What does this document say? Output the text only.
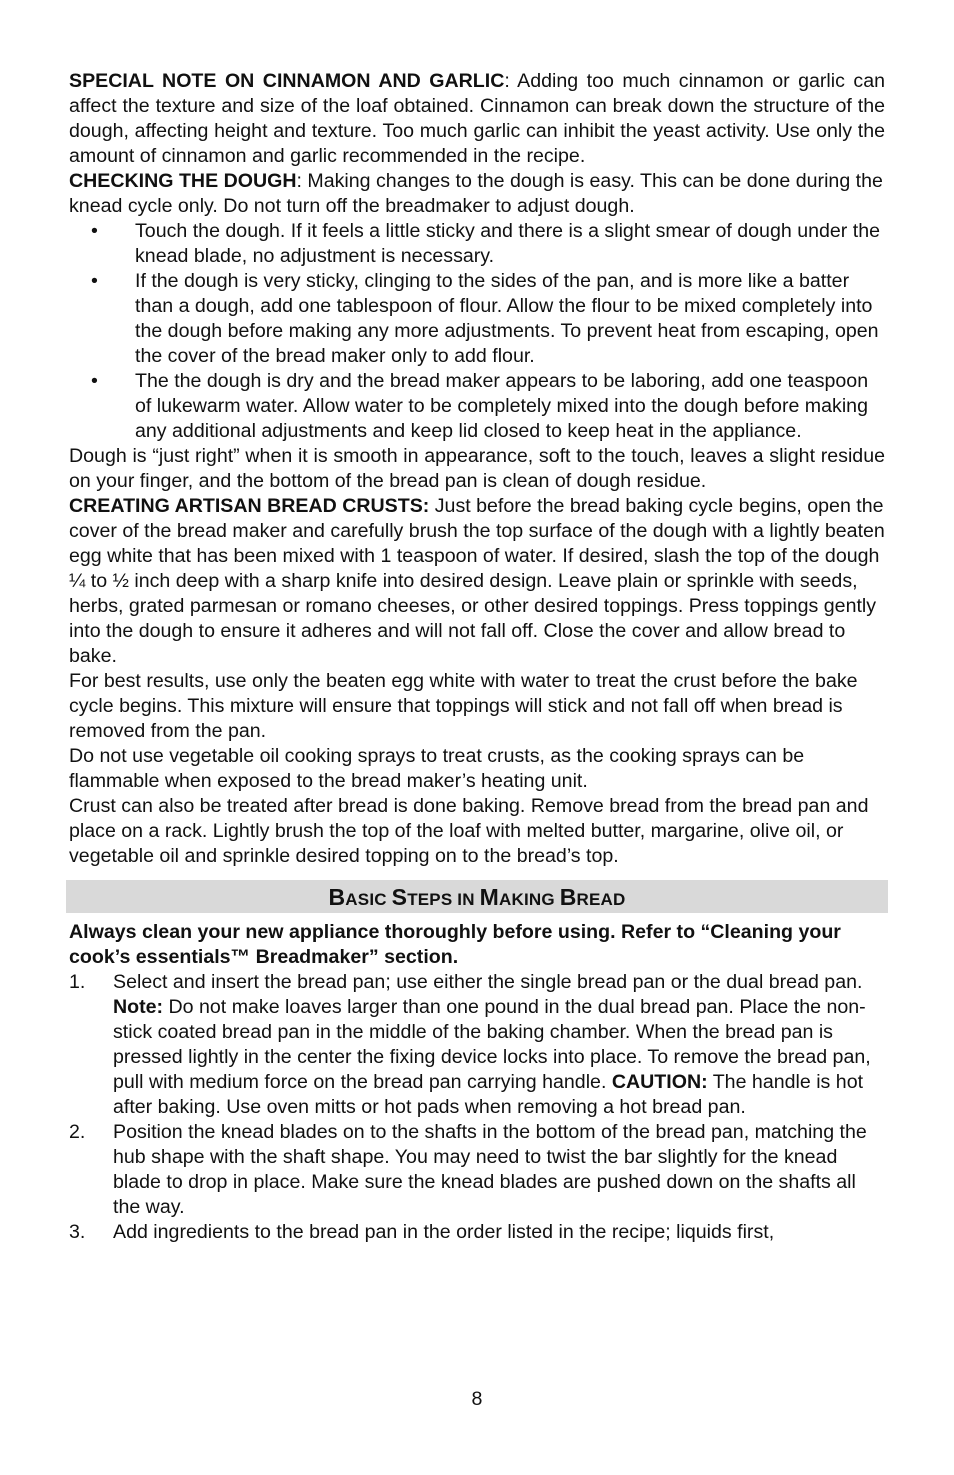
SPECIAL NOTE ON CINNAMON AND GARLIC: Adding too much cinnamon or garlic can affect the texture and size of the loaf obtained. Cinnamon can break down the structure of the dough, affecting height and texture. Too much garlic can inhibit the yeast activity. Use only the amount of cinnamon and garlic recommended in the recipe.

CHECKING THE DOUGH: Making changes to the dough is easy. This can be done during the knead cycle only. Do not turn off the breadmaker to adjust dough.

• Touch the dough. If it feels a little sticky and there is a slight smear of dough under the knead blade, no adjustment is necessary.
• If the dough is very sticky, clinging to the sides of the pan, and is more like a batter than a dough, add one tablespoon of flour. Allow the flour to be mixed completely into the dough before making any more adjustments. To prevent heat from escaping, open the cover of the bread maker only to add flour.
• The the dough is dry and the bread maker appears to be laboring, add one teaspoon of lukewarm water. Allow water to be completely mixed into the dough before making any additional adjustments and keep lid closed to keep heat in the appliance.

Dough is “just right” when it is smooth in appearance, soft to the touch, leaves a slight residue on your finger, and the bottom of the bread pan is clean of dough residue.

CREATING ARTISAN BREAD CRUSTS: Just before the bread baking cycle begins, open the cover of the bread maker and carefully brush the top surface of the dough with a lightly beaten egg white that has been mixed with 1 teaspoon of water. If desired, slash the top of the dough ¼ to ½ inch deep with a sharp knife into desired design. Leave plain or sprinkle with seeds, herbs, grated parmesan or romano cheeses, or other desired toppings. Press toppings gently into the dough to ensure it adheres and will not fall off. Close the cover and allow bread to bake.

For best results, use only the beaten egg white with water to treat the crust before the bake cycle begins. This mixture will ensure that toppings will stick and not fall off when bread is removed from the pan.

Do not use vegetable oil cooking sprays to treat crusts, as the cooking sprays can be flammable when exposed to the bread maker’s heating unit.

Crust can also be treated after bread is done baking. Remove bread from the bread pan and place on a rack. Lightly brush the top of the loaf with melted butter, margarine, olive oil, or vegetable oil and sprinkle desired topping on to the bread’s top.

BASIC STEPS IN MAKING BREAD

Always clean your new appliance thoroughly before using. Refer to “Cleaning your cook’s essentials™ Breadmaker” section.

1. Select and insert the bread pan; use either the single bread pan or the dual bread pan. Note: Do not make loaves larger than one pound in the dual bread pan. Place the non-stick coated bread pan in the middle of the baking chamber. When the bread pan is pressed lightly in the center the fixing device locks into place. To remove the bread pan, pull with medium force on the bread pan carrying handle. CAUTION: The handle is hot after baking. Use oven mitts or hot pads when removing a hot bread pan.
2. Position the knead blades on to the shafts in the bottom of the bread pan, matching the hub shape with the shaft shape. You may need to twist the bar slightly for the knead blade to drop in place. Make sure the knead blades are pushed down on the shafts all the way.
3. Add ingredients to the bread pan in the order listed in the recipe; liquids first,
8
